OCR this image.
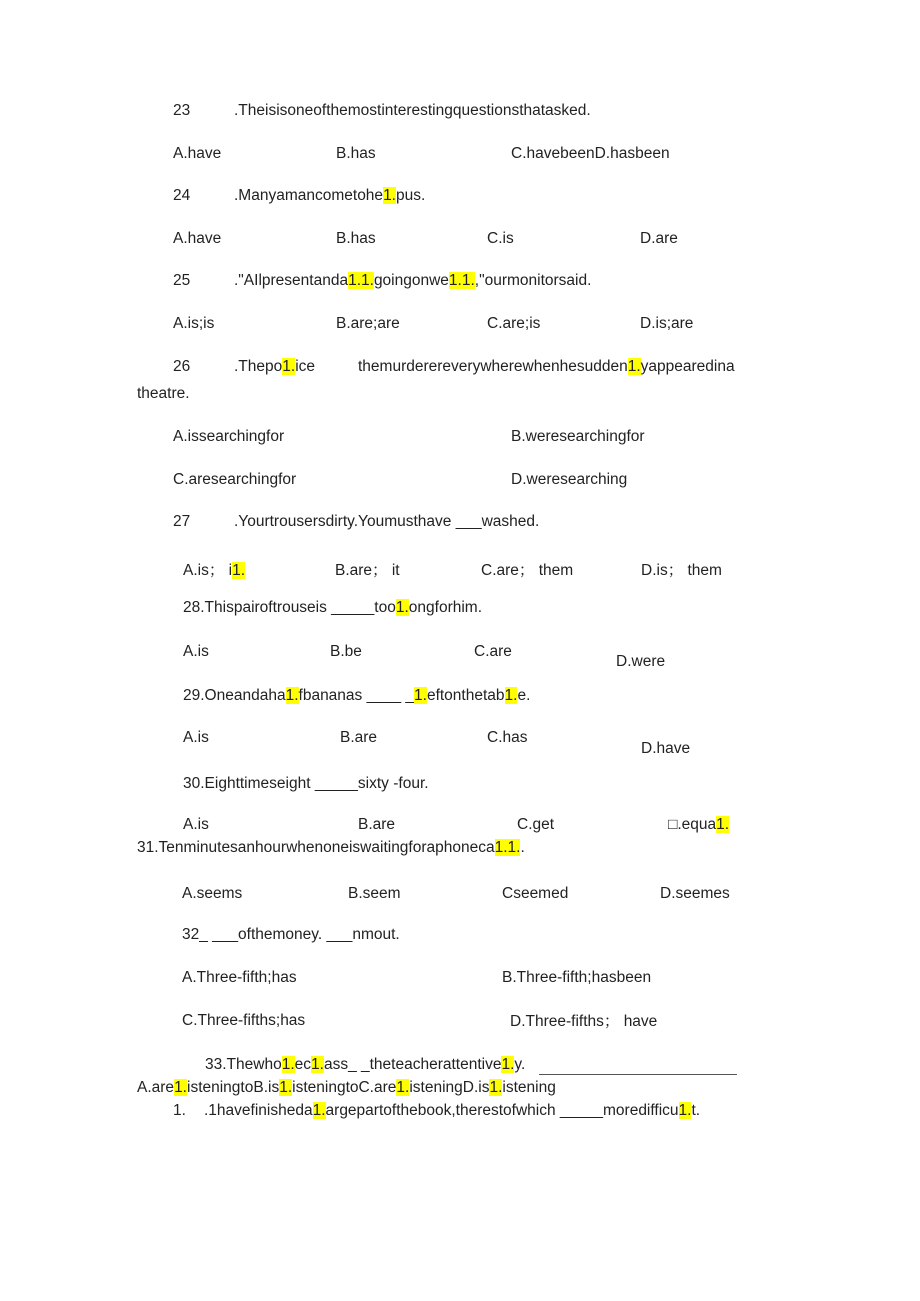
23	.Theisisoneofthemostinterestingquestionsthatasked.
A.have	B.has	C.havebeenD.hasbeen
24	.Manyamancometohe1.pus.
A.have	B.has	C.is	D.are
25	."AIlpresentanda1.1.goingonwe1.1.,"ourmonitorsaid.
A.is;is	B.are;are	C.are;is	D.is;are
26	.Thepo1.ice	themurderereverywherewhenhesudden1.yappearedina
theatre.
A.issearchingfor	B.weresearchingfor
C.aresearchingfor	D.weresearching
27	.Yourtrousersdirty.Youmusthave ___washed.
A.is； i1.	B.are； it	C.are； them	D.is； them
28.Thispairoftrouseis _____too1.ongforhim.
A.is	B.be	C.are
D.were
29.Oneandaha1.fbananas ____ _1.eftonthetab1.e.
A.is	B.are	C.has
D.have
30.Eighttimeseight _____sixty -four.
A.is	B.are	C.get	□.equa1.
31.Tenminutesanhourwhenoneiswaitingforaphoneca1.1..
A.seems	B.seem	Cseemed	D.seemes
32_ ___ofthemoney. ___nmout.
A.Three-fifth;has	B.Three-fifth;hasbeen
C.Three-fifths;has	D.Three-fifths； have
33.Thewho1.ec1.ass_ _theteacherattentive1.y.
A.are1.isteningtoB.is1.isteningtoC.are1.isteningD.is1.istening
1. .1havefinishedа1.argepartofthebook,therestofwhich _____moredifficu1.t.
